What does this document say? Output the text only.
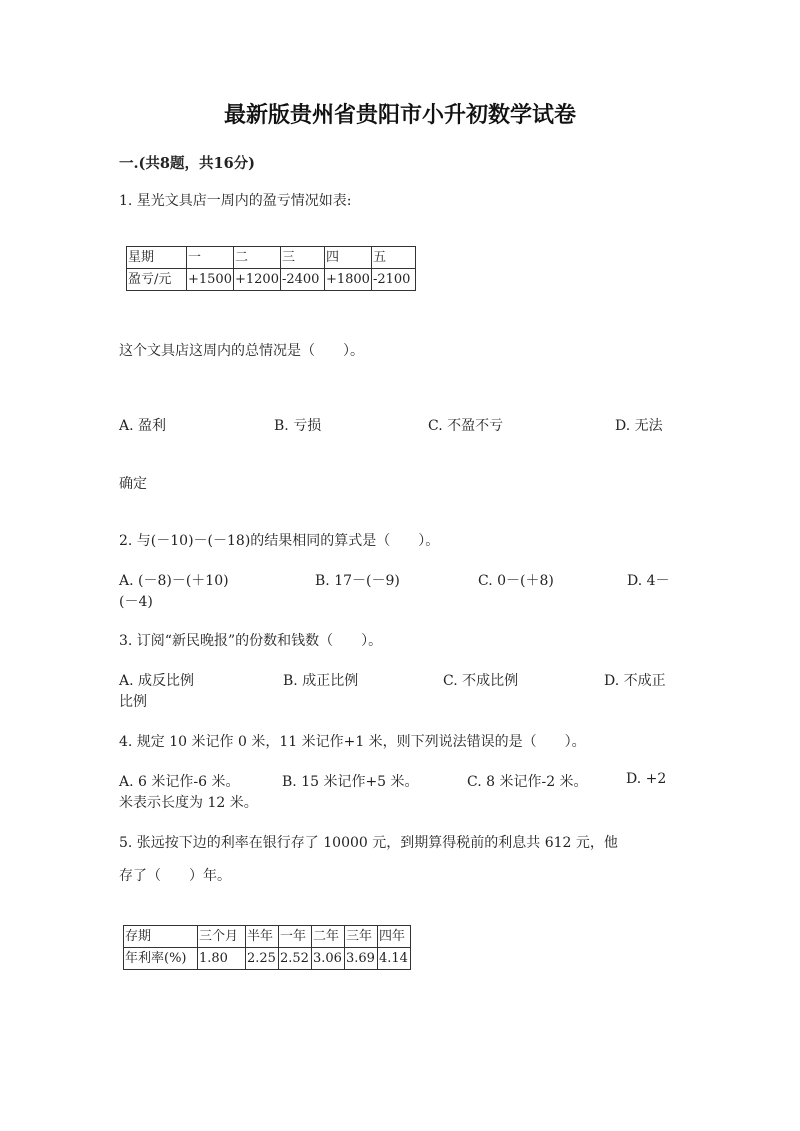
最新版贵州省贵阳市小升初数学试卷
一.(共8题，共16分)
1. 星光文具店一周内的盈亏情况如表:
星期	一	二	三	四	五
盈亏/元	+1500	+1200	-2400	+1800	-2100
这个文具店这周内的总情况是（　　）。
A. 盈利	B. 亏损	C. 不盈不亏	D. 无法
确定
2. 与(－10)－(－18)的结果相同的算式是（　　）。
A. (－8)－(＋10)	B. 17－(－9)	C. 0－(＋8)	D. 4－
(－4)
3. 订阅“新民晚报”的份数和钱数（　　）。
A. 成反比例	B. 成正比例	C. 不成比例	D. 不成正
比例
4. 规定 10 米记作 0 米，11 米记作+1 米，则下列说法错误的是（　　）。
A. 6 米记作-6 米。	B. 15 米记作+5 米。	C. 8 米记作-2 米。	D. +2
米表示长度为 12 米。
5. 张远按下边的利率在银行存了 10000 元，到期算得税前的利息共 612 元，他
存了（　　）年。
存期	三个月	半年	一年	二年	三年	四年
年利率(%)	1.80	2.25	2.52	3.06	3.69	4.14
